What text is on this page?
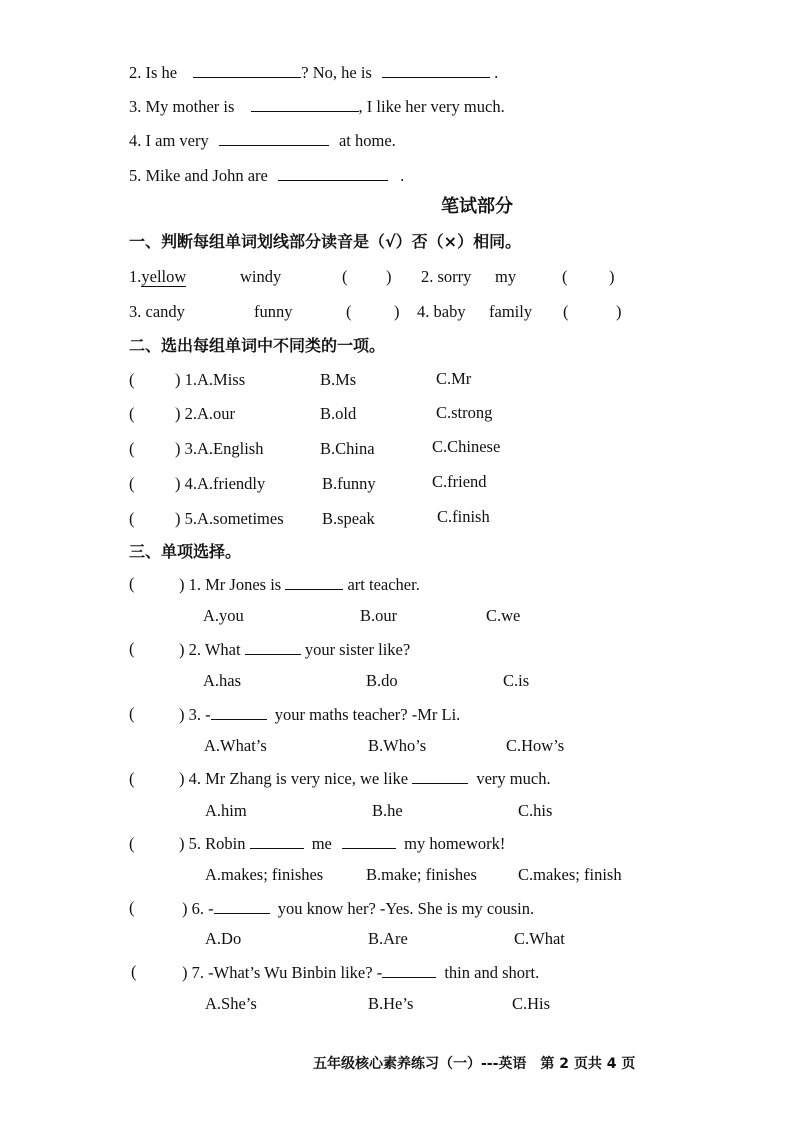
2. Is he	? No, he is	.
3. My mother is	, I like her very much.
4. I am very	at home.
5. Mike and John are	.
笔试部分
一、判断每组单词划线部分读音是（√）否（×）相同。
1.yellow	windy	( ) 2. sorry my	(	)
3. candy	funny	(	) 4. baby family (	)
二、选出每组单词中不同类的一项。
( ) 1.A.Miss	B.Ms	C.Mr
( ) 2.A.our	B.old	C.strong
( ) 3.A.English	B.China	C.Chinese
( ) 4.A.friendly	B.funny	C.friend
( ) 5.A.sometimes B.speak	C.finish
三、单项选择。
(	) 1. Mr Jones is	art teacher.
A.you	B.our	C.we
(	) 2. What	your sister like?
A.has	B.do	C.is
(	) 3. -	your maths teacher? -Mr Li.
A.What’s	B.Who’s	C.How’s
(	) 4. Mr Zhang is very nice, we like	very much.
A.him	B.he	C.his
(	) 5. Robin	me	my homework!
A.makes; finishes	B.make; finishes C.makes; finish
(	) 6. -	you know her? -Yes. She is my cousin.
A.Do	B.Are	C.What
(	) 7. -What’s Wu Binbin like? -	thin and short.
A.She’s	B.He’s	C.His
五年级核心素养练习（一）---英语　第 2 页共 4 页
